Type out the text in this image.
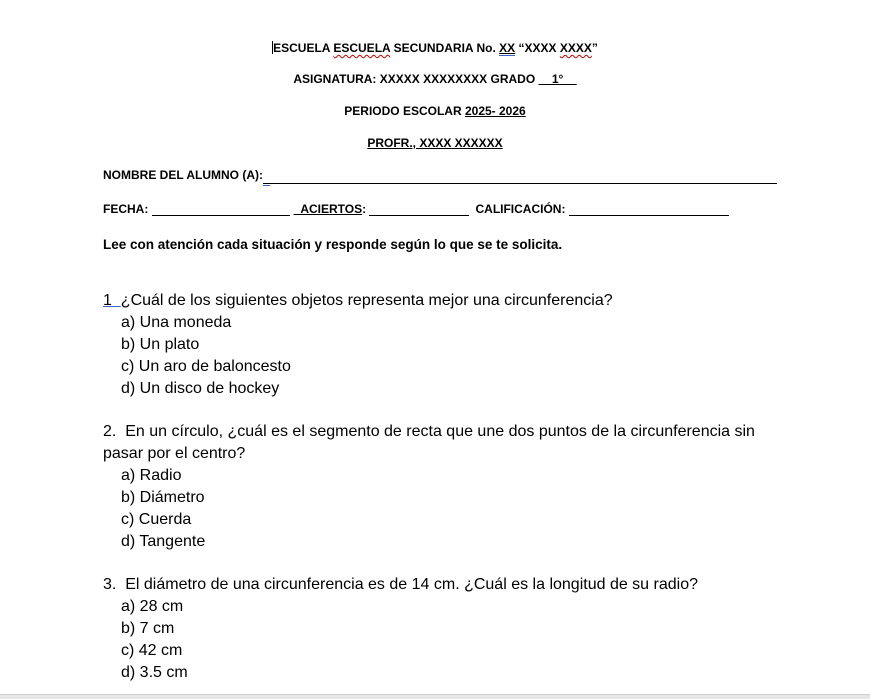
ESCUELA ESCUELA SECUNDARIA No. XX “XXXX XXXX”
ASIGNATURA: XXXXX XXXXXXXX GRADO __1°__
PERIODO ESCOLAR 2025- 2026
PROFR., XXXX XXXXXX
NOMBRE DEL ALUMNO (A):_
FECHA:	_ACIERTOS:	CALIFICACIÓN:
Lee con atención cada situación y responde según lo que se te solicita.
1 ¿Cuál de los siguientes objetos representa mejor una circunferencia?
a) Una moneda
b) Un plato
c) Un aro de baloncesto
d) Un disco de hockey
2. En un círculo, ¿cuál es el segmento de recta que une dos puntos de la circunferencia sin pasar por el centro?
a) Radio
b) Diámetro
c) Cuerda
d) Tangente
3. El diámetro de una circunferencia es de 14 cm. ¿Cuál es la longitud de su radio?
a) 28 cm
b) 7 cm
c) 42 cm
d) 3.5 cm
